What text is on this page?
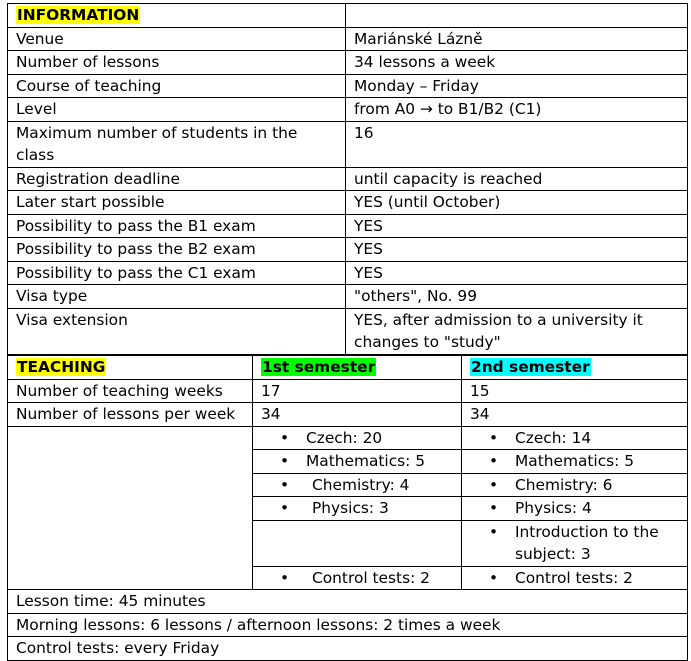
INFORMATION	
Venue	Mariánské Lázně
Number of lessons	34 lessons a week
Course of teaching	Monday – Friday
Level	from A0 → to B1/B2 (C1)
Maximum number of students in the class	16
Registration deadline	until capacity is reached
Later start possible	YES (until October)
Possibility to pass the B1 exam	YES
Possibility to pass the B2 exam	YES
Possibility to pass the C1 exam	YES
Visa type	"others", No. 99
Visa extension	YES, after admission to a university it changes to "study"
TEACHING	1st semester	2nd semester
Number of teaching weeks	17	15
Number of lessons per week	34	34

	• Czech: 20	• Czech: 14

	• Mathematics: 5	• Mathematics: 5

	• Chemistry: 4	• Chemistry: 6

	• Physics: 3	• Physics: 4

		• Introduction to the subject: 3

	• Control tests: 2	• Control tests: 2

Lesson time: 45 minutes		
Morning lessons: 6 lessons / afternoon lessons: 2 times a week		
Control tests: every Friday		
